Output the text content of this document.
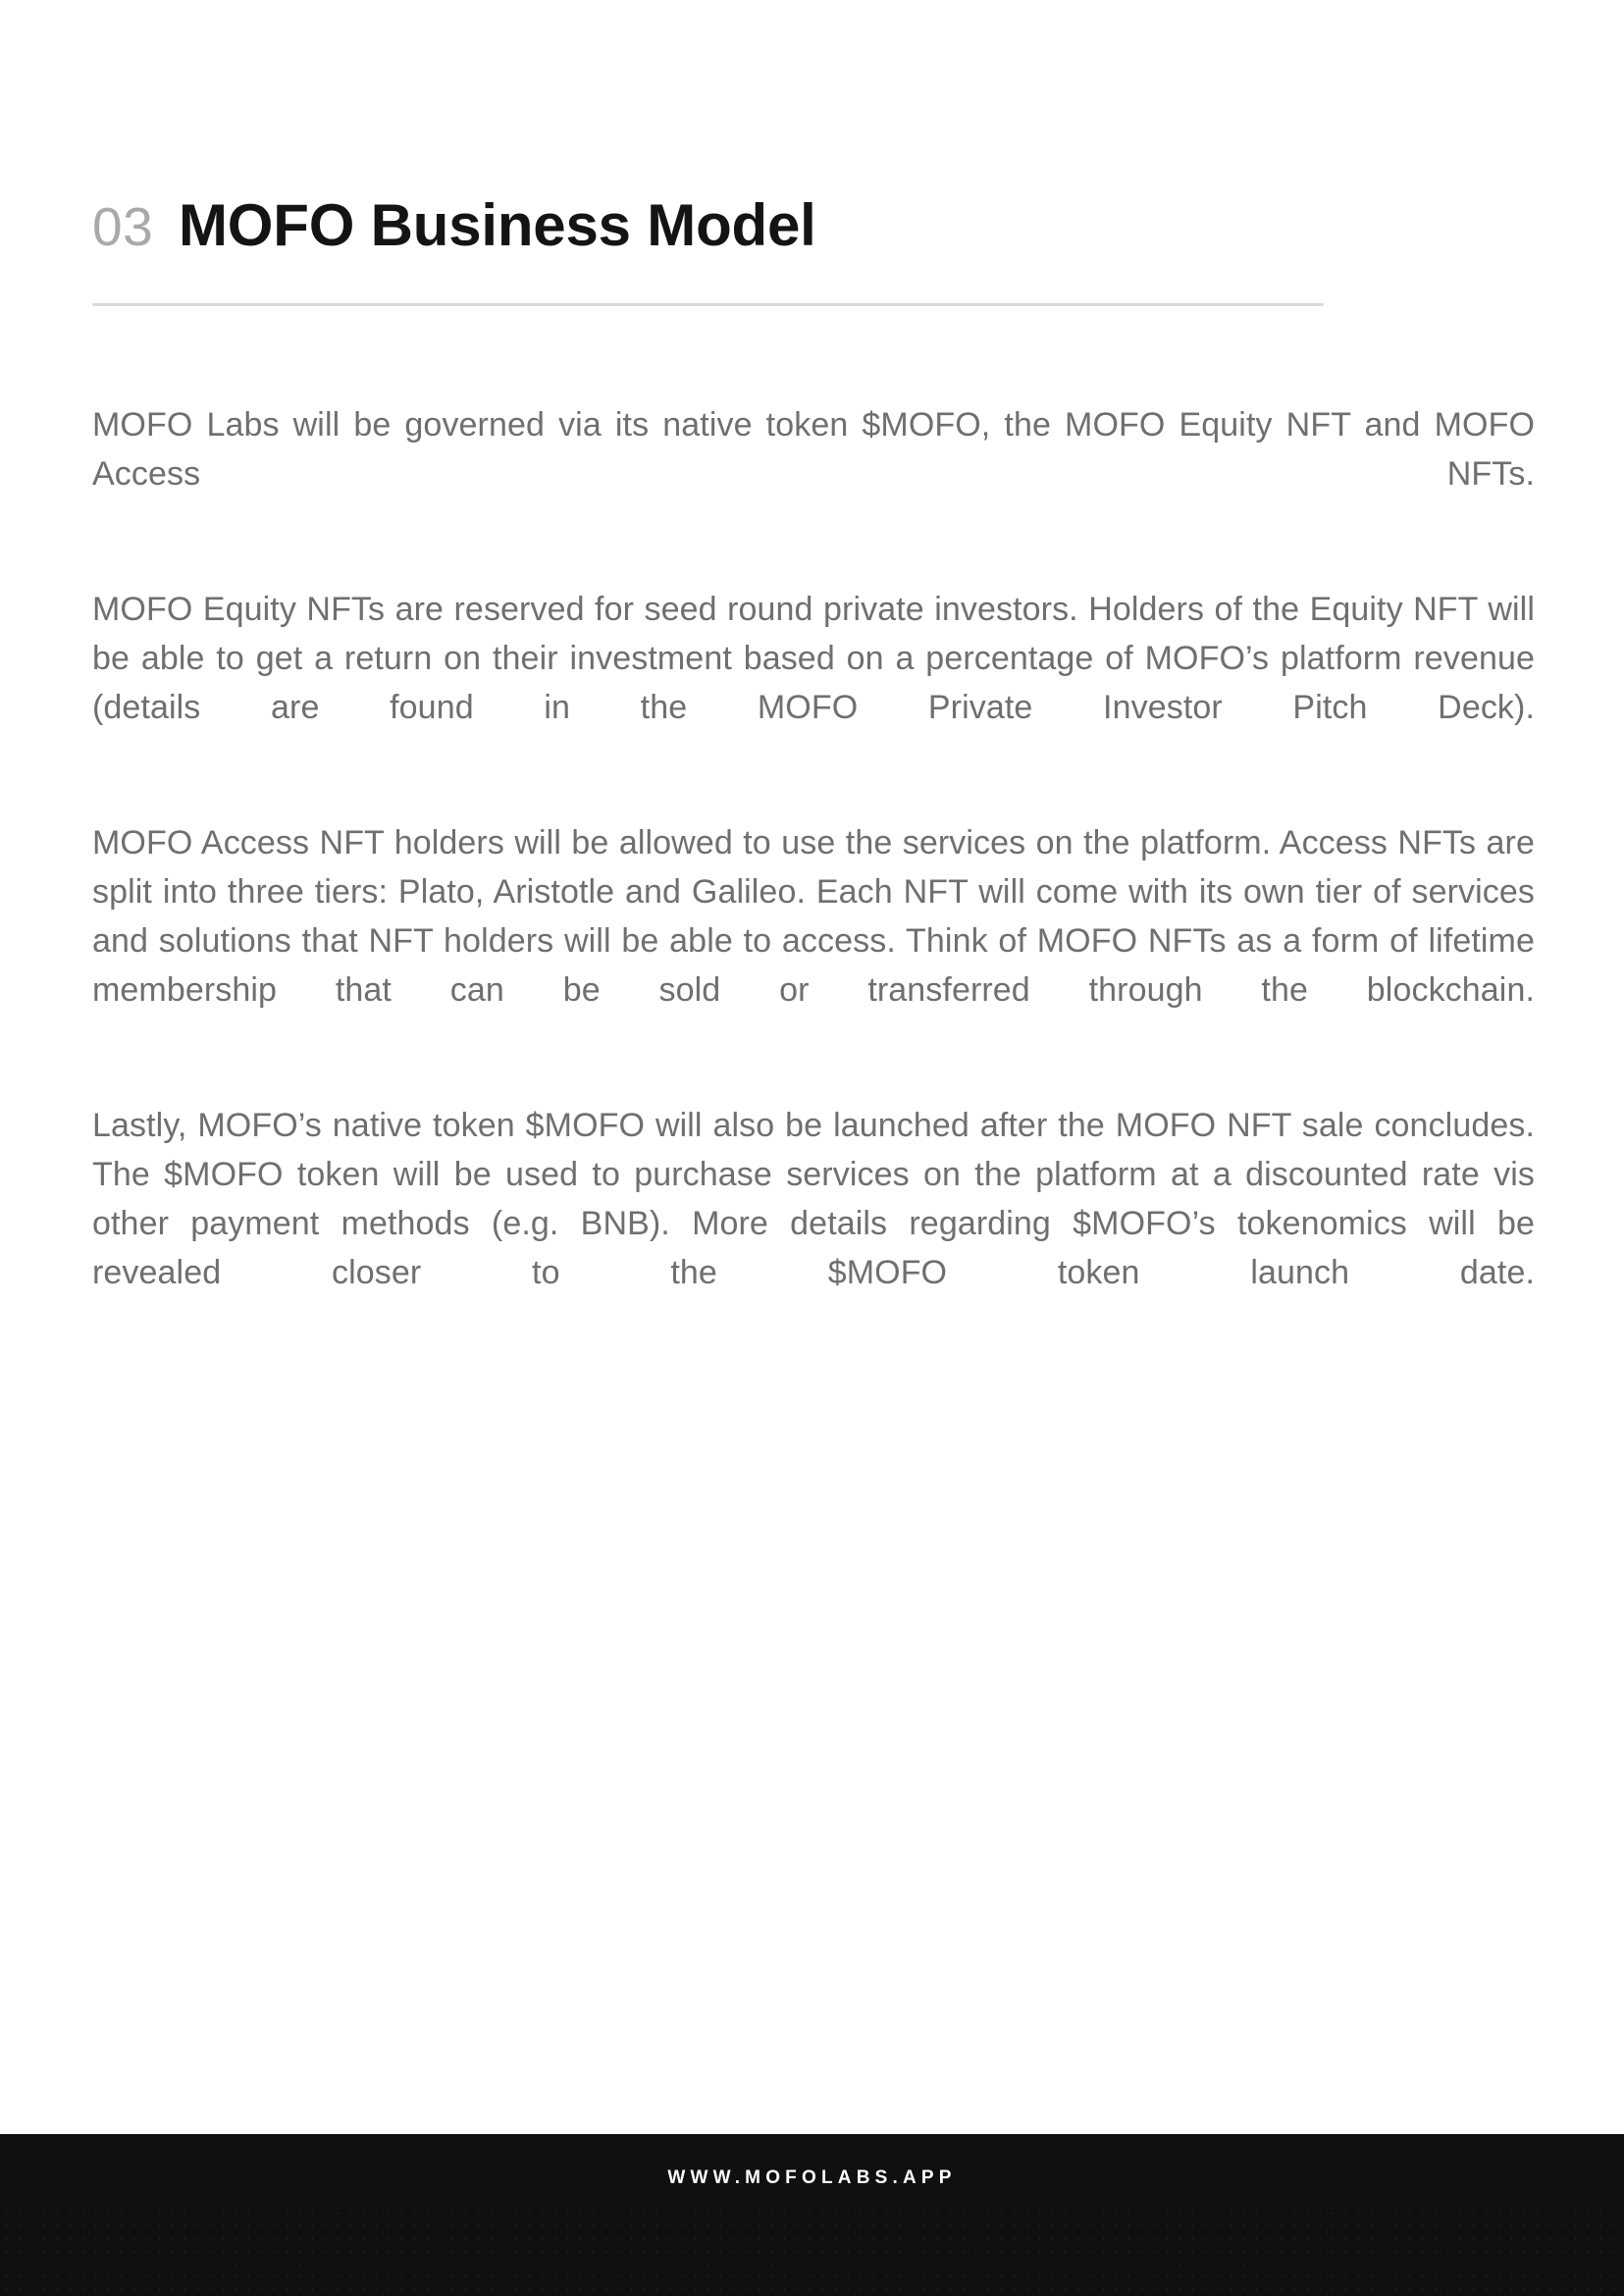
03 MOFO Business Model

MOFO Labs will be governed via its native token $MOFO, the MOFO Equity NFT and MOFO Access NFTs.

MOFO Equity NFTs are reserved for seed round private investors. Holders of the Equity NFT will be able to get a return on their investment based on a percentage of MOFO’s platform revenue (details are found in the MOFO Private Investor Pitch Deck).

MOFO Access NFT holders will be allowed to use the services on the platform. Access NFTs are split into three tiers: Plato, Aristotle and Galileo. Each NFT will come with its own tier of services and solutions that NFT holders will be able to access. Think of MOFO NFTs as a form of lifetime membership that can be sold or transferred through the blockchain.

Lastly, MOFO’s native token $MOFO will also be launched after the MOFO NFT sale concludes. The $MOFO token will be used to purchase services on the platform at a discounted rate vis other payment methods (e.g. BNB). More details regarding $MOFO’s tokenomics will be revealed closer to the $MOFO token launch date.

WWW.MOFOLABS.APP
